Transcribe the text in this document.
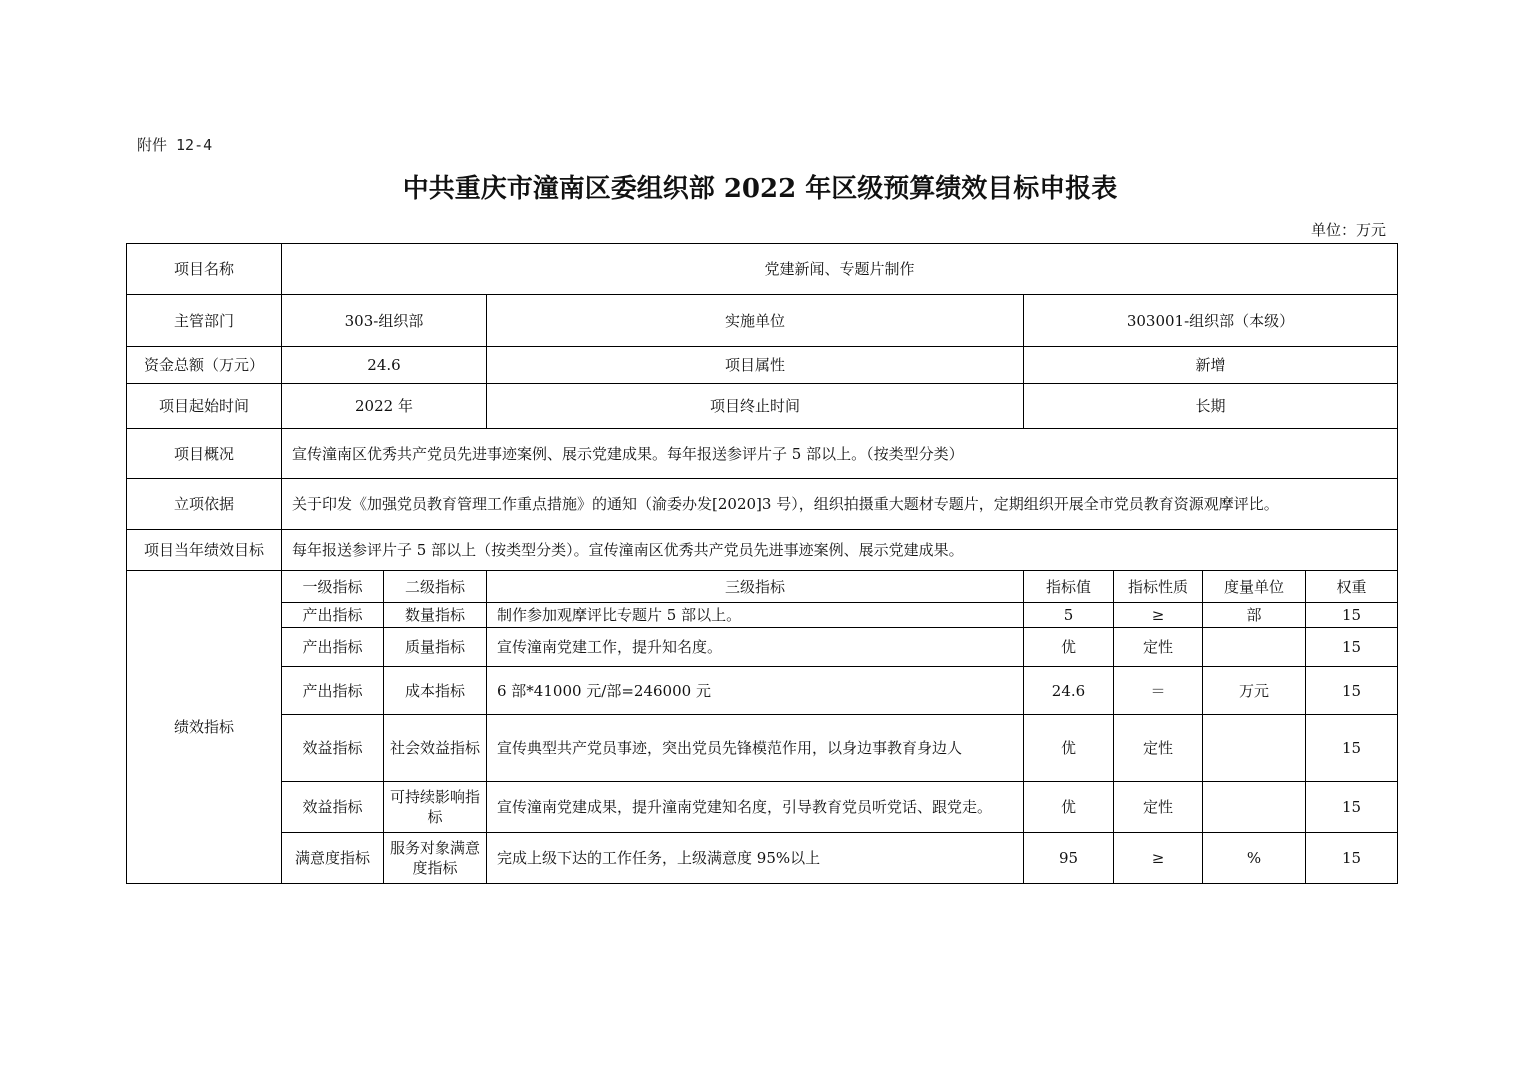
附件 12-4
中共重庆市潼南区委组织部 2022 年区级预算绩效目标申报表
单位：万元
项目名称	党建新闻、专题片制作						
主管部门	303-组织部		实施单位	303001-组织部（本级）			
资金总额（万元）	24.6		项目属性	新增			
项目起始时间	2022 年		项目终止时间	长期			
项目概况	宣传潼南区优秀共产党员先进事迹案例、展示党建成果。每年报送参评片子 5 部以上。（按类型分类）						
立项依据	关于印发《加强党员教育管理工作重点措施》的通知（渝委办发[2020]3 号），组织拍摄重大题材专题片，定期组织开展全市党员教育资源观摩评比。						
项目当年绩效目标	每年报送参评片子 5 部以上（按类型分类）。宣传潼南区优秀共产党员先进事迹案例、展示党建成果。						
绩效指标	一级指标	二级指标	三级指标	指标值	指标性质	度量单位	权重
	产出指标	数量指标	制作参加观摩评比专题片 5 部以上。	5	≥	部	15
	产出指标	质量指标	宣传潼南党建工作，提升知名度。	优	定性		15
	产出指标	成本指标	6 部*41000 元/部=246000 元	24.6	＝	万元	15
	效益指标	社会效益指标	宣传典型共产党员事迹，突出党员先锋模范作用，以身边事教育身边人	优	定性		15
	效益指标	可持续影响指标	宣传潼南党建成果，提升潼南党建知名度，引导教育党员听党话、跟党走。	优	定性		15
	满意度指标	服务对象满意度指标	完成上级下达的工作任务，上级满意度 95%以上	95	≥	%	15
